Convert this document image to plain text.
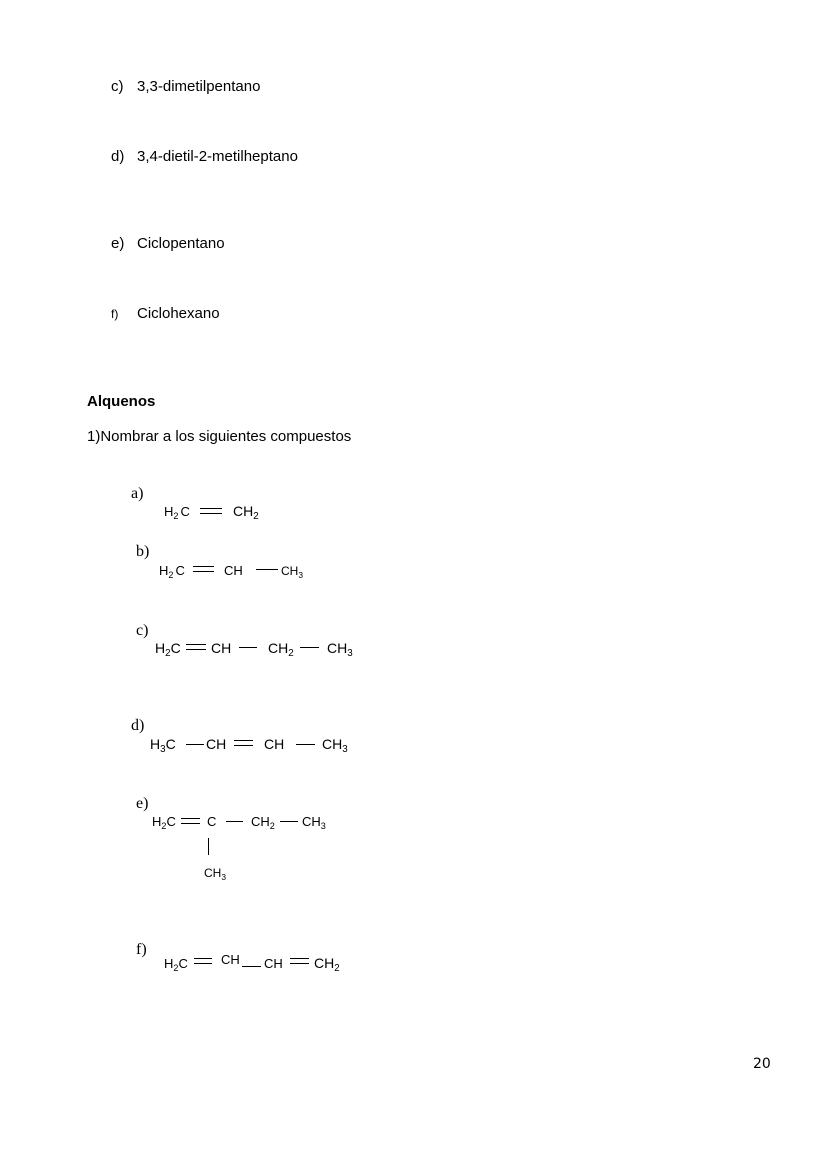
c) 3,3-dimetilpentano
d) 3,4-dietil-2-metilheptano
e) Ciclopentano
f) Ciclohexano
Alquenos
1)Nombrar a los siguientes compuestos
a)
$H_2$ C	$CH_2$
b)
$H_2$ C	CH	$CH_3$
c)
$H_2C$ CH	$CH_2$ $CH_3$
d)
$H_3C$ CH	CH	$CH_3$
e)
$H_2C$ C	$CH_2$ $CH_3$
$CH_3$
f)
$H_2C$	CH CH $CH_2$
20
